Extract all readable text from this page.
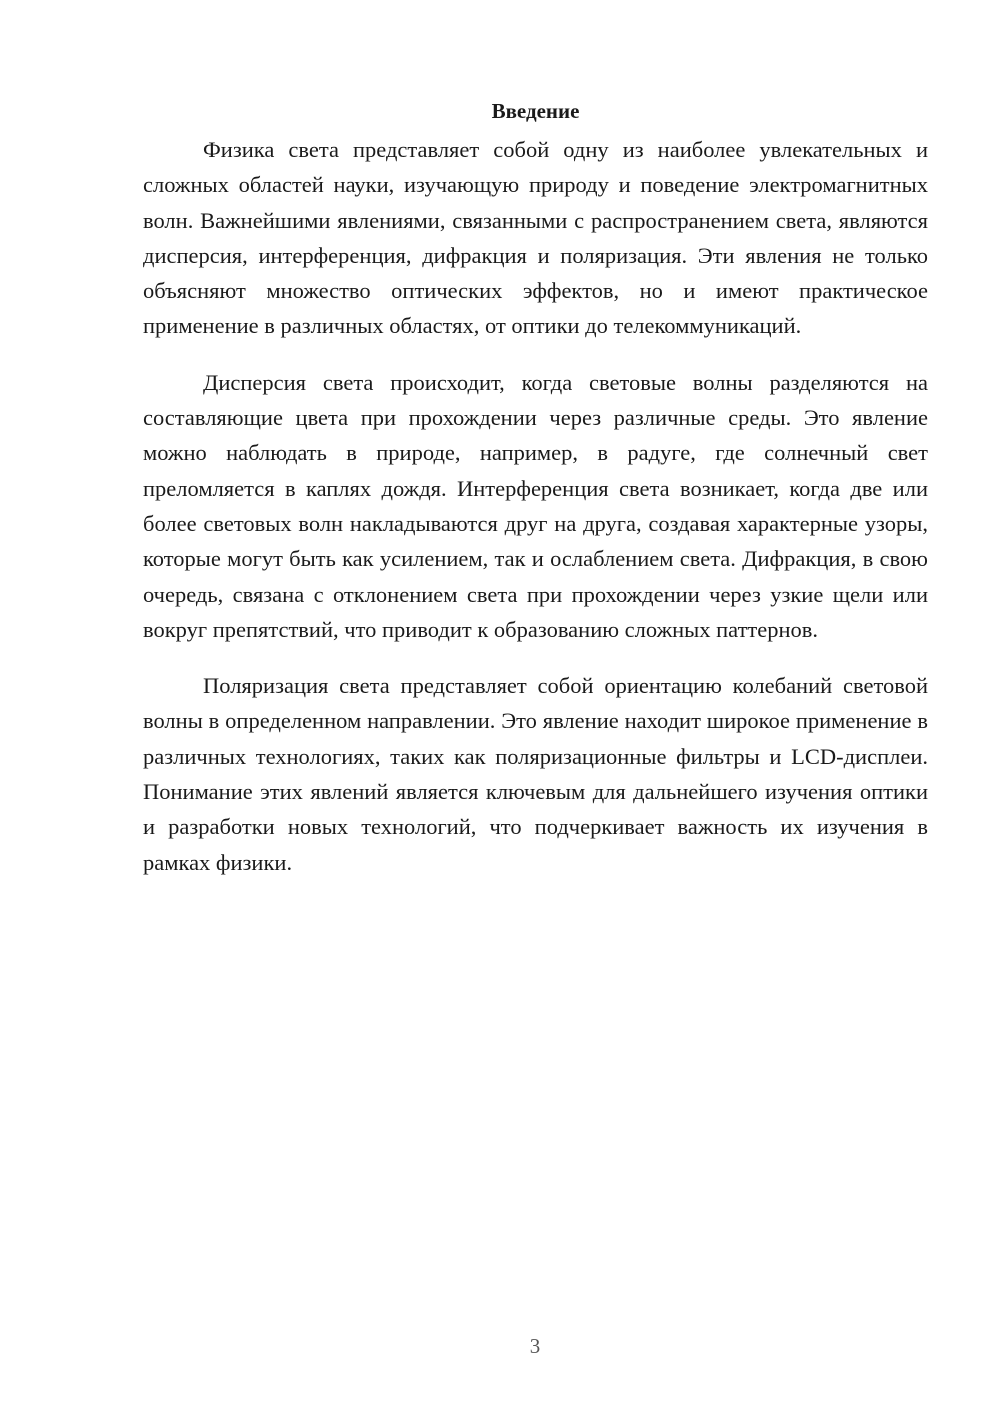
Введение

Физика света представляет собой одну из наиболее увлекательных и сложных областей науки, изучающую природу и поведение электромагнитных волн. Важнейшими явлениями, связанными с распространением света, являются дисперсия, интерференция, дифракция и поляризация. Эти явления не только объясняют множество оптических эффектов, но и имеют практическое применение в различных областях, от оптики до телекоммуникаций.

Дисперсия света происходит, когда световые волны разделяются на составляющие цвета при прохождении через различные среды. Это явление можно наблюдать в природе, например, в радуге, где солнечный свет преломляется в каплях дождя. Интерференция света возникает, когда две или более световых волн накладываются друг на друга, создавая характерные узоры, которые могут быть как усилением, так и ослаблением света. Дифракция, в свою очередь, связана с отклонением света при прохождении через узкие щели или вокруг препятствий, что приводит к образованию сложных паттернов.

Поляризация света представляет собой ориентацию колебаний световой волны в определенном направлении. Это явление находит широкое применение в различных технологиях, таких как поляризационные фильтры и LCD-дисплеи. Понимание этих явлений является ключевым для дальнейшего изучения оптики и разработки новых технологий, что подчеркивает важность их изучения в рамках физики.

3
